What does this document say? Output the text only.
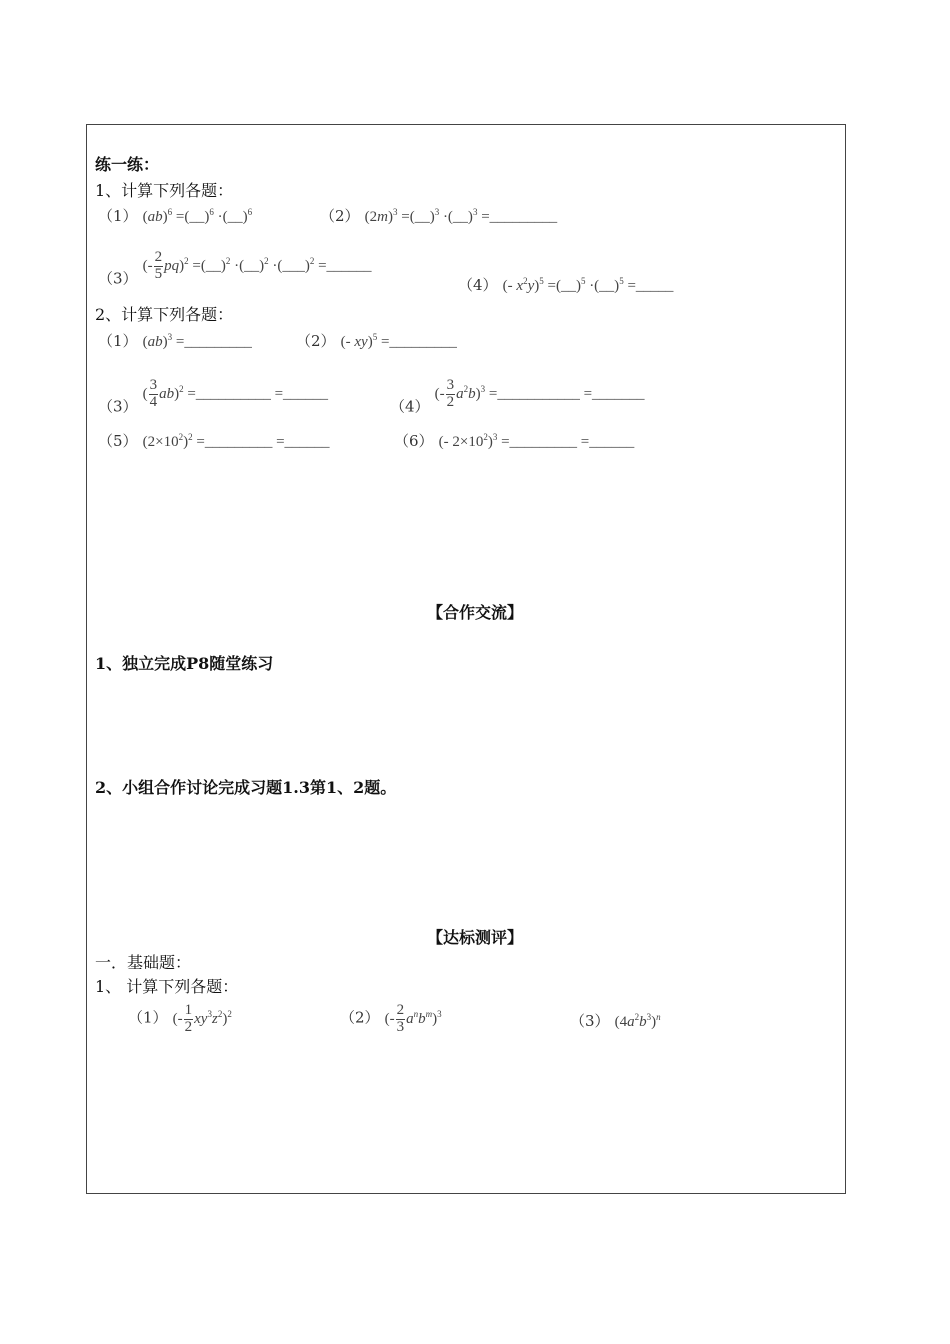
练一练：
1、计算下列各题：
（1） (ab)$^6$ =(__)$^6$ ·(__)$^6$	（2） $(2m)^3$ =(__)$^3$ ·(__)$^3$ =_________
（3） (- $\frac{2}{5} pq)^2$ =(__)$^2$ ·(__)$^2$ ·(___)$^2$ =______
（4） (- $x^2y)^5$ =(__)$^5$ ·(__)$^5$ =_____
2、计算下列各题：
（1） (ab)$^3$ =_________	（2） (- xy)$^5$ =_________
（3） ( $\frac{3}{4} ab)^2$ =__________ =______
（4） (- $\frac{3}{2} a^2b)^3$ =___________ =_______
（5） $(2\times 10^2)^2$ =_________ =______	（6） (- $2\times 10^2)^3$ =_________ =______
【合作交流】
1、独立完成P8随堂练习
2、小组合作讨论完成习题1.3第1、2题。
【达标测评】
一．基础题：
1、 计算下列各题：
（1） (- $\frac{1}{2} xy^3z^2)^2$	（2） (- $\frac{2}{3} a^nb^m)^3$	（3） $(4a^2b^3)^n$
